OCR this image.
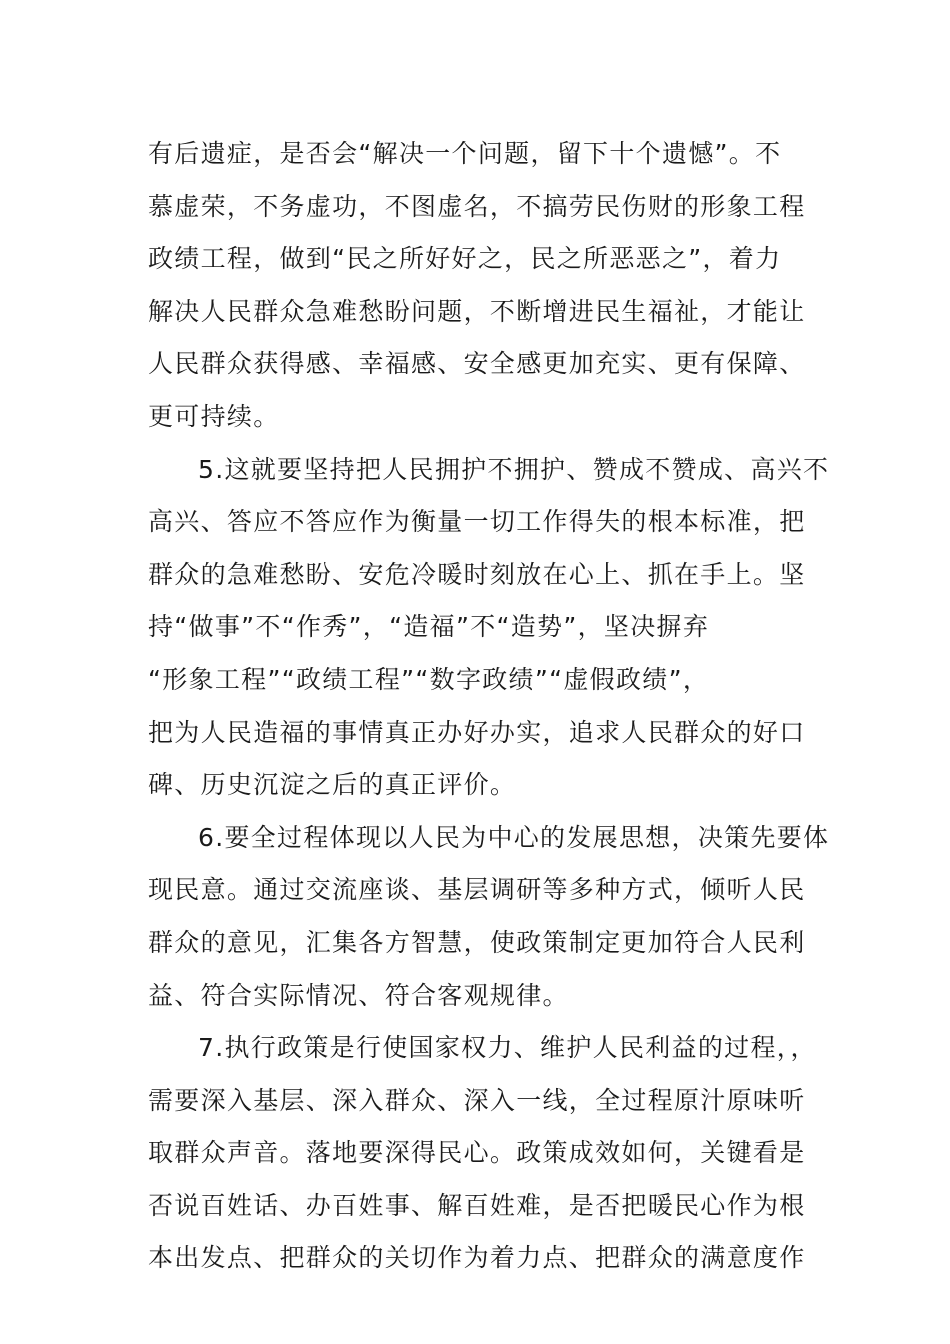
有后遗症，是否会“解决一个问题，留下十个遗憾”。不
慕虚荣，不务虚功，不图虚名，不搞劳民伤财的形象工程
政绩工程，做到“民之所好好之，民之所恶恶之”，着力
解决人民群众急难愁盼问题，不断增进民生福祉，才能让
人民群众获得感、幸福感、安全感更加充实、更有保障、
更可持续。
5.这就要坚持把人民拥护不拥护、赞成不赞成、高兴不
高兴、答应不答应作为衡量一切工作得失的根本标准，把
群众的急难愁盼、安危冷暖时刻放在心上、抓在手上。坚
持“做事”不“作秀”，“造福”不“造势”，坚决摒弃
“形象工程”“政绩工程”“数字政绩”“虚假政绩”，
把为人民造福的事情真正办好办实，追求人民群众的好口
碑、历史沉淀之后的真正评价。
6.要全过程体现以人民为中心的发展思想，决策先要体
现民意。通过交流座谈、基层调研等多种方式，倾听人民
群众的意见，汇集各方智慧，使政策制定更加符合人民利
益、符合实际情况、符合客观规律。
7.执行政策是行使国家权力、维护人民利益的过程，，
需要深入基层、深入群众、深入一线，全过程原汁原味听
取群众声音。落地要深得民心。政策成效如何，关键看是
否说百姓话、办百姓事、解百姓难，是否把暖民心作为根
本出发点、把群众的关切作为着力点、把群众的满意度作
